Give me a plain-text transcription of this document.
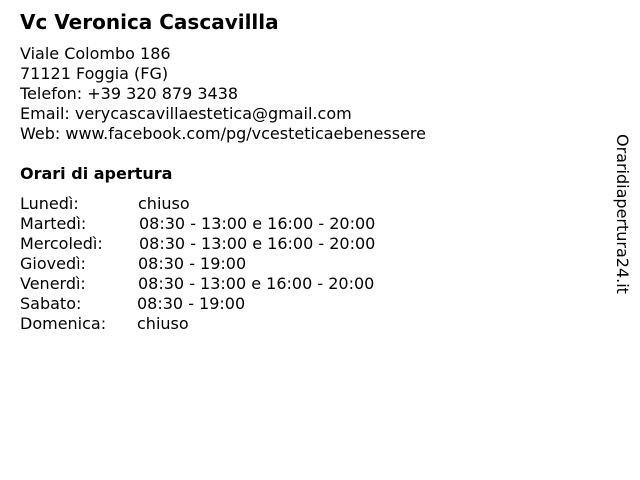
Vc Veronica Cascavillla
Viale Colombo 186
71121 Foggia (FG)
Telefon: +39 320 879 3438
Email: verycascavillaestetica@gmail.com
Web: www.facebook.com/pg/vcesteticaebenessere
Orari di apertura
Lunedì:	chiuso
Martedì:	08:30 - 13:00 e 16:00 - 20:00
Mercoledì: 08:30 - 13:00 e 16:00 - 20:00
Giovedì:	08:30 - 19:00
Venerdì:	08:30 - 13:00 e 16:00 - 20:00
Sabato:	08:30 - 19:00
Domenica: chiuso
Oraridiapertura24.it
